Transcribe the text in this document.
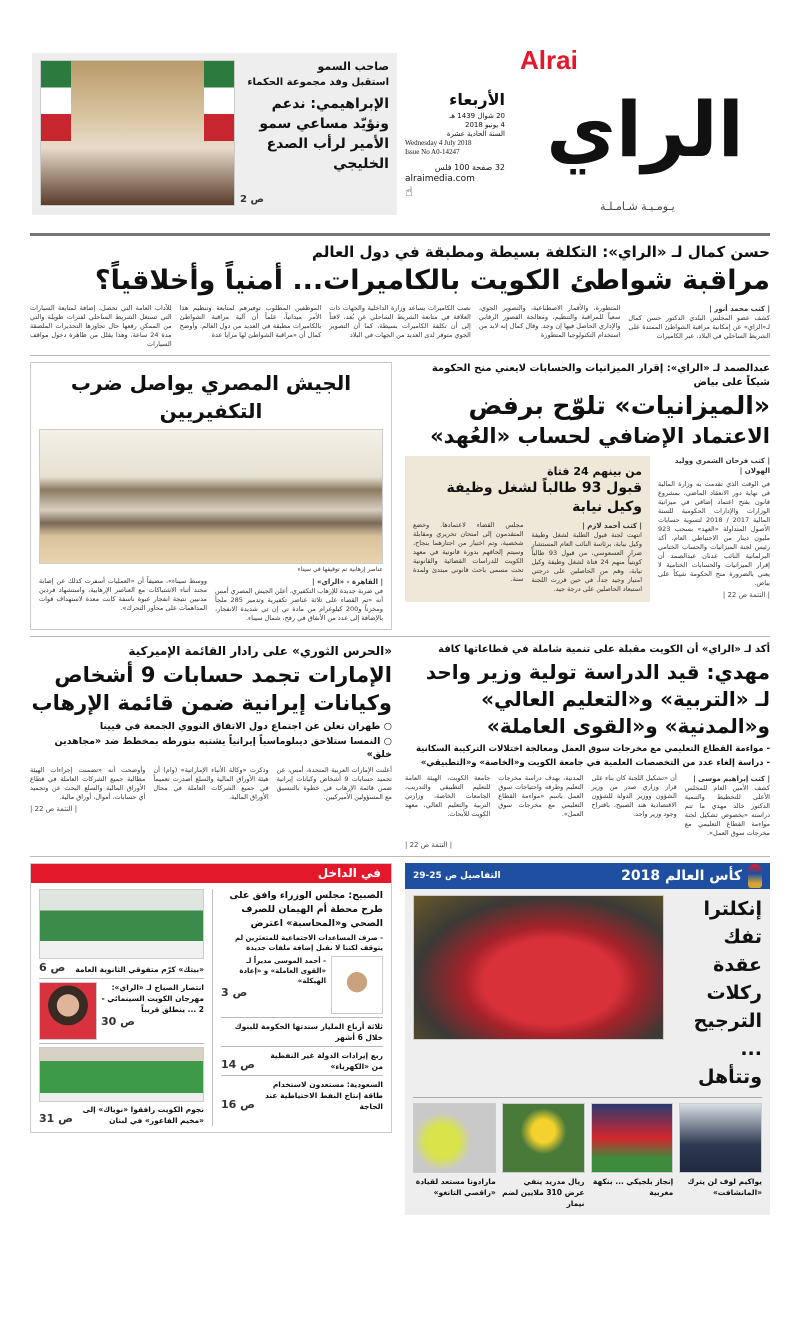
Alrai
الراي
يـومـيـة شـامـلـة
الأربعاء
20 شوال 1439 هـ
4 يونيو 2018
السنة الحادية عشرة
Wednesday 4 July 2018
Issue No A0-14247
32 صفحة 100 فلس
alraimedia.com
☝
صاحب السمو
استقبل وفد مجموعة الحكماء
الإبراهيمي: ندعم ونؤيّد مساعي سمو الأمير لرأب الصدع الخليجي
ص 2
حسن كمال لـ «الراي»: التكلفة بسيطة ومطبقة في دول العالم
مراقبة شواطئ الكويت بالكاميرات... أمنياً وأخلاقياً؟
| كتب محمد أنور |
كشف عضو المجلس البلدي الدكتور حسن كمال لـ«الراي» عن إمكانية مراقبة الشواطئ الممتدة على الشريط الساحلي في البلاد، عبر الكاميرات
المتطورة، والأقمار الاصطناعية، والتصوير الجوي، سعياً للمراقبة والتنظيم، ومعالجة القصور الرقابي والإداري الحاصل فيها إن وجد. وقال كمال إنه لابد من استخدام التكنولوجيا المتطورة
نصب الكاميرات يساعد وزارة الداخلية والجهات ذات العلاقة في متابعة الشريط الساحلي عن بُعد، لافتاً إلى أن تكلفة الكاميرات بسيطة، كما أن التصوير الجوي متوفر لدى العديد من الجهات في البلاد
الموظفين المطلوب توفيرهم لمتابعة وتنظيم هذا الأمر ميدانياً، علماً أن آلية مراقبة الشواطئ بالكاميرات مطبقة في العديد من دول العالم. وأوضح كمال أن «مراقبة الشواطئ لها مزايا عدة
للآداب العامة التي تحصل، إضافة لمتابعة السيارات التي تستغل الشريط الساحلي لفترات طويلة والتي من الممكن رفعها حال تجاوزها التحذيرات الملصقة مدة 24 ساعة، وهذا يقلل من ظاهرة دخول مواقف السيارات
عبدالصمد لـ «الراي»: إقرار الميزانيات والحسابات لايعني منح الحكومة شيكاً على بياض
«الميزانيات» تلوّح برفض
الاعتماد الإضافي لحساب «العُهد»
| كتب فرحان الشمري ووليد الهولان |
في الوقت الذي تقدمت به وزارة المالية في نهاية دور الانعقاد الماضي، بمشروع قانون بفتح اعتماد إضافي في ميزانية الوزارات والإدارات الحكومية للسنة المالية 2017 / 2018 لتسوية حسابات الأصول المتداولة «العهد» بسحب 923 مليون دينار من الاحتياطي العام، أكد رئيس لجنة الميزانيات والحساب الختامي البرلمانية النائب عدنان عبدالصمد أن إقرار الميزانيات والحسابات الختامية لا يعني بالضرورة منح الحكومة شيكاً على بياض.
| التتمة ص 22 |
من بينهم 24 فتاة
قبول 93 طالباً لشغل وظيفة وكيل نيابة
| كتب أحمد لازم |
انتهت لجنة قبول الطلبة لشغل وظيفة وكيل نيابة، برئاسة النائب العام المستشار ضرار العسعوسي، من قبول 93 طالباً كويتياً منهم 24 فتاة لشغل وظيفة وكيل نيابة، وهم من الحاصلين على درجتي امتياز وجيد جداً، في حين قررت اللجنة استبعاد الحاصلين على درجة جيد.
مجلس القضاء لاعتمادها. وخضع المتقدمون إلى امتحان تحريري ومقابلة شخصية، وتم اختيار من اجتازهما بنجاح، وسيتم إلحاقهم بدورة قانونية في معهد الكويت للدراسات القضائية والقانونية تحت مسمى باحث قانوني مبتدئ ولمدة سنة.
الجيش المصري يواصل ضرب التكفيريين
عناصر إرهابية تم توقيفها في سيناء
| القاهرة - «الراي» |
في ضربة جديدة للإرهاب التكفيري، أعلن الجيش المصري أمس أنه «تم القضاء على ثلاثة عناصر تكفيرية وتدمير 285 ملجأ ومخزناً و200 كيلوغرام من مادة تي إن تي شديدة الانفجار، بالإضافة إلى عدد من الأنفاق في رفح، شمال سيناء.
ووسط سيناء»، مضيفاً أن «العمليات أسفرت كذلك عن إصابة مجند أثناء الاشتباكات مع العناصر الإرهابية، واستشهاد فردين مدنيين نتيجة انفجار عبوة ناسفة كانت معدة لاستهداف قوات المداهمات على محاور التحرك».
أكد لـ «الراي» أن الكويت مقبلة على تنمية شاملة في قطاعاتها كافة
مهدي: قيد الدراسة تولية وزير واحد لـ «التربية» و«التعليم العالي» و«المدنية» و«القوى العاملة»
- مواءمة القطاع التعليمي مع مخرجات سوق العمل ومعالجة اختلالات التركيبة السكانية
- دراسة إلغاء عدد من التخصصات العلمية في جامعة الكويت و«الخاصة» و«التطبيقي»
| كتب إبراهيم موسى |
كشف الأمين العام للمجلس الأعلى للتخطيط والتنمية الدكتور خالد مهدي ما تتم دراسته «بخصوص تشكيل لجنة مواءمة القطاع التعليمي مع مخرجات سوق العمل».
أن «تشكيل اللجنة كان بناء على قرار وزاري صدر من وزير الشؤون ووزير الدولة للشؤون الاقتصادية هند الصبيح، باقتراح وجود وزير واحد.
المدنية، بهدف دراسة مخرجات التعليم وطرقه واحتياجات سوق العمل باسم «مواءمة القطاع التعليمي مع مخرجات سوق العمل».
جامعة الكويت، الهيئة العامة للتعليم التطبيقي والتدريب، الجامعات الخاصة، وزارتي التربية والتعليم العالي، معهد الكويت للأبحاث.
| التتمة ص 22 |
«الحرس الثوري» على رادار القائمة الإميركية
الإمارات تجمد حسابات 9 أشخاص وكيانات إيرانية ضمن قائمة الإرهاب
○ طهران تعلن عن اجتماع دول الاتفاق النووي الجمعة في فيينا
○ النمسا ستلاحق ديبلوماسياً إيرانياً يشتبه بتورطه بمخطط ضد «مجاهدين خلق»
أعلنت الإمارات العربية المتحدة، أمس، عن تجميد حسابات 9 أشخاص وكيانات إيرانية ضمن قائمة الإرهاب في خطوة بالتنسيق مع المسؤولين الأميركيين.
وذكرت «وكالة الأنباء الإماراتية» (وام) أن هيئة الأوراق المالية والسلع أصدرت تعميماً في جميع الشركات العاملة في مجال الأوراق المالية.
وأوضحت أنه «تضمنت إجراءات الهيئة مطالبة جميع الشركات العاملة في قطاع الأوراق المالية والسلع البحث عن وتجميد أي حسابات، أموال، أوراق مالية.
| التتمة ص 22 |
كأس العالم 2018
التفاصيل ص 25-29
إنكلترا تفك عقدة ركلات الترجيح ... وتتأهل
يواكيم لوف لن يترك «المانشافت»
إنجاز بلجيكي ... بنكهة مغربية
ريال مدريد ينفي عرض 310 ملايين لضم نيمار
مارادونا مستعد لقيادة «راقصي التانغو»
في الداخل
الصبيح: مجلس الوزراء وافق على طرح محطة أم الهيمان للصرف الصحي و«المحاسبة» اعترض
- صرف المساعدات الاجتماعية للمتعثرين لم يتوقف لكننا لا نقبل إضافة ملفات جديدة
- أحمد الموسى مديراً لـ «القوى العاملة» و «إعادة الهيكلة»
ص 3
ثلاثة أرباع المليار سندتها الحكومة للبنوك خلال 6 أشهر
ربع إيرادات الدولة غير النفطية من «الكهرباء»
ص 14
السعودية: مستعدون لاستخدام طاقة إنتاج النفط الاحتياطية عند الحاجة
ص 16
«بيتك» كرّم متفوقي الثانوية العامة
ص 6
انتصار الصباح لـ «الراي»: مهرجان الكويت السينمائي - 2 ... ينطلق قريباً
ص 30
نجوم الكويت رافقوا «نوياك» إلى «مخيم الفاعور» في لبنان
ص 31
